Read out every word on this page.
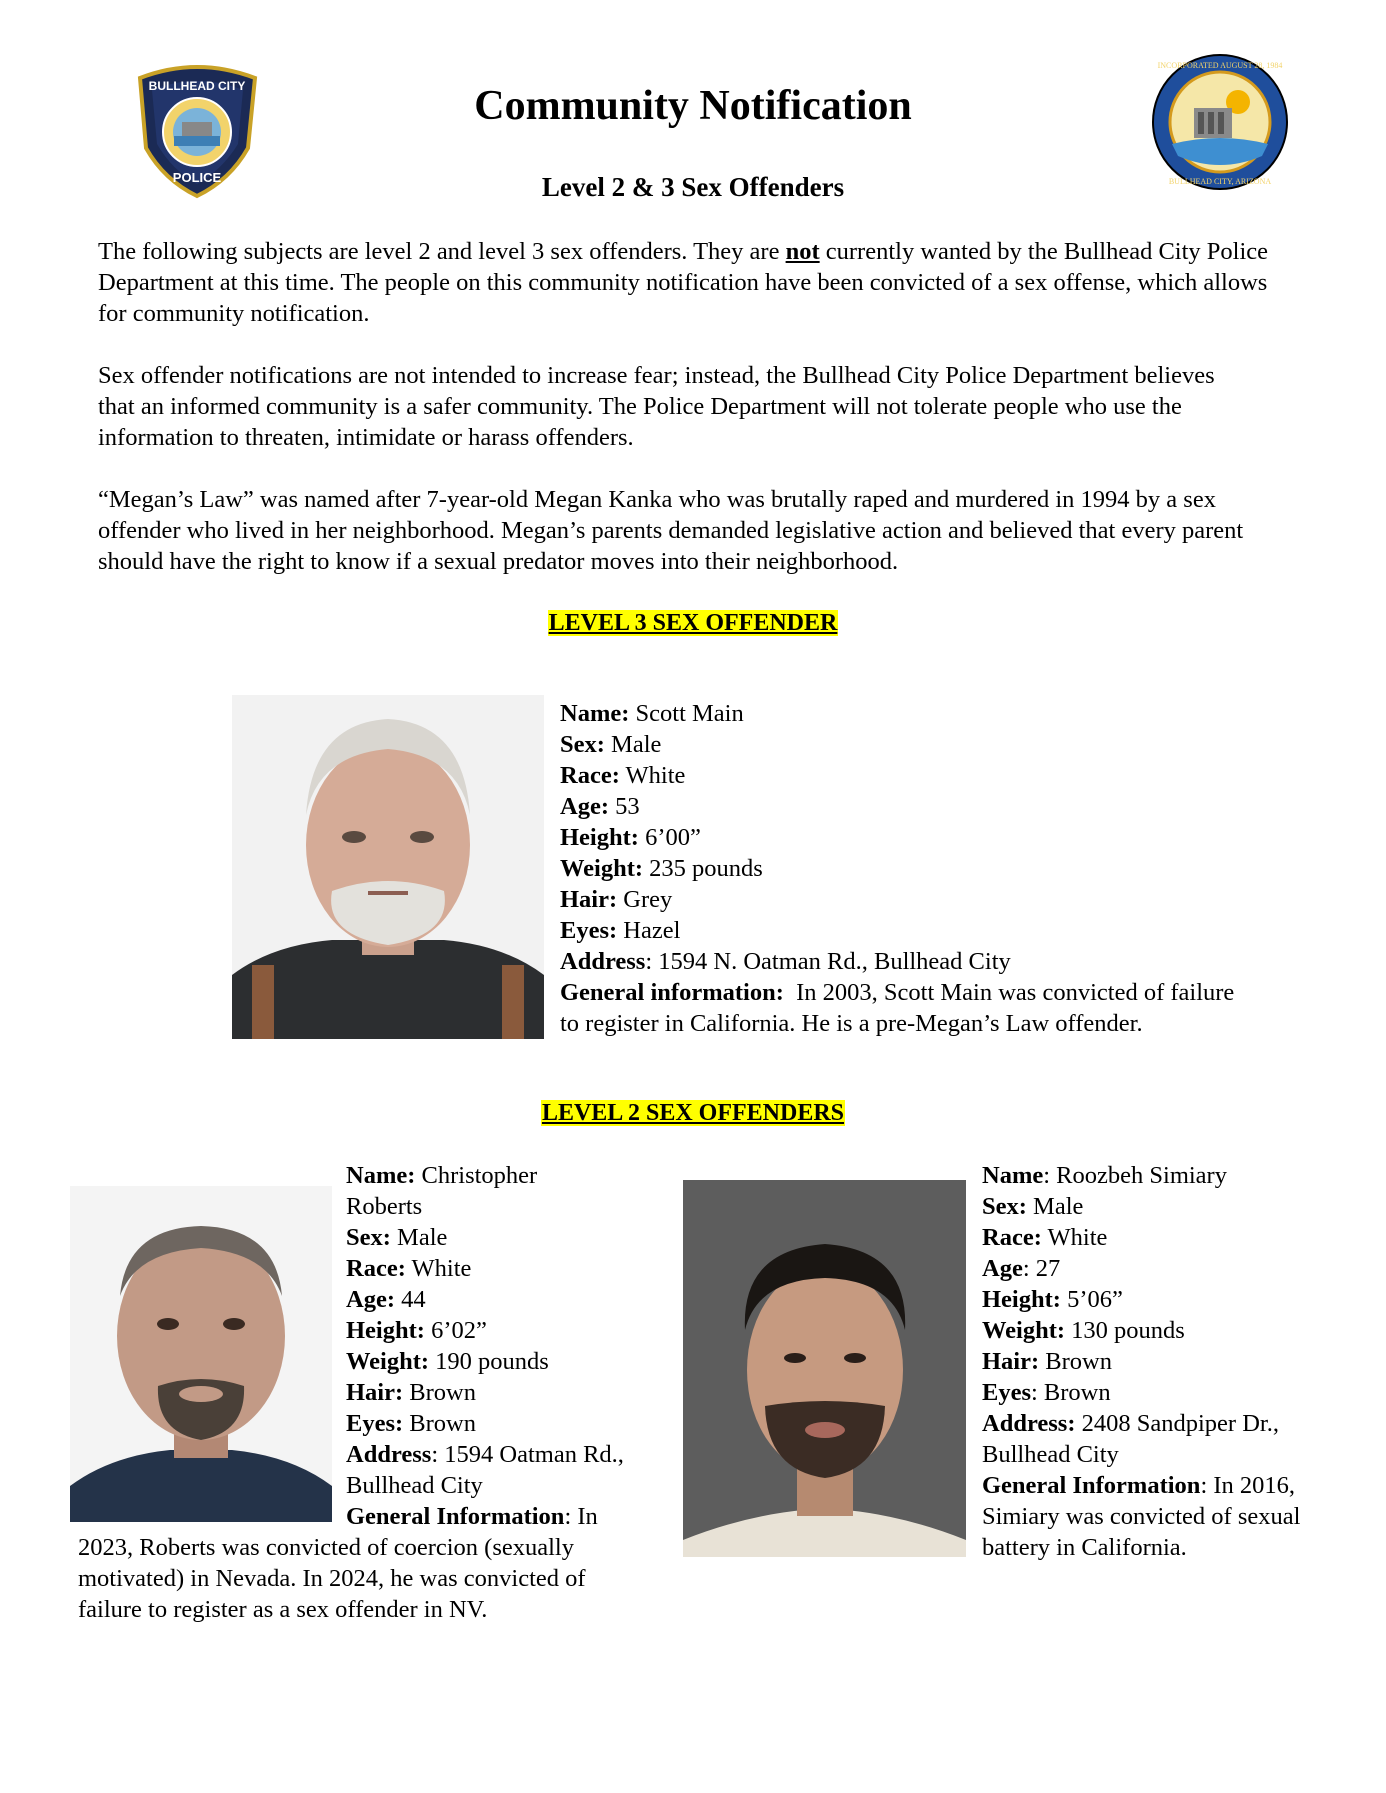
BULLHEAD CITY
POLICE
INCORPORATED AUGUST 28, 1984
BULLHEAD CITY, ARIZONA
Community Notification
Level 2 & 3 Sex Offenders
The following subjects are level 2 and level 3 sex offenders. They are not currently wanted by the Bullhead City Police Department at this time. The people on this community notification have been convicted of a sex offense, which allows for community notification.
Sex offender notifications are not intended to increase fear; instead, the Bullhead City Police Department believes that an informed community is a safer community. The Police Department will not tolerate people who use the information to threaten, intimidate or harass offenders.
“Megan’s Law” was named after 7-year-old Megan Kanka who was brutally raped and murdered in 1994 by a sex offender who lived in her neighborhood. Megan’s parents demanded legislative action and believed that every parent should have the right to know if a sexual predator moves into their neighborhood.
LEVEL 3 SEX OFFENDER
Name: Scott Main
Sex: Male
Race: White
Age: 53
Height: 6’00”
Weight: 235 pounds
Hair: Grey
Eyes: Hazel
Address: 1594 N. Oatman Rd., Bullhead City
General information: In 2003, Scott Main was convicted of failure
to register in California. He is a pre-Megan’s Law offender.
LEVEL 2 SEX OFFENDERS
Name: Christopher
Roberts
Sex: Male
Race: White
Age: 44
Height: 6’02”
Weight: 190 pounds
Hair: Brown
Eyes: Brown
Address: 1594 Oatman Rd.,
Bullhead City
General Information: In
2023, Roberts was convicted of coercion (sexually
motivated) in Nevada. In 2024, he was convicted of
failure to register as a sex offender in NV.
Name: Roozbeh Simiary
Sex: Male
Race: White
Age: 27
Height: 5’06”
Weight: 130 pounds
Hair: Brown
Eyes: Brown
Address: 2408 Sandpiper Dr.,
Bullhead City
General Information: In 2016,
Simiary was convicted of sexual
battery in California.
